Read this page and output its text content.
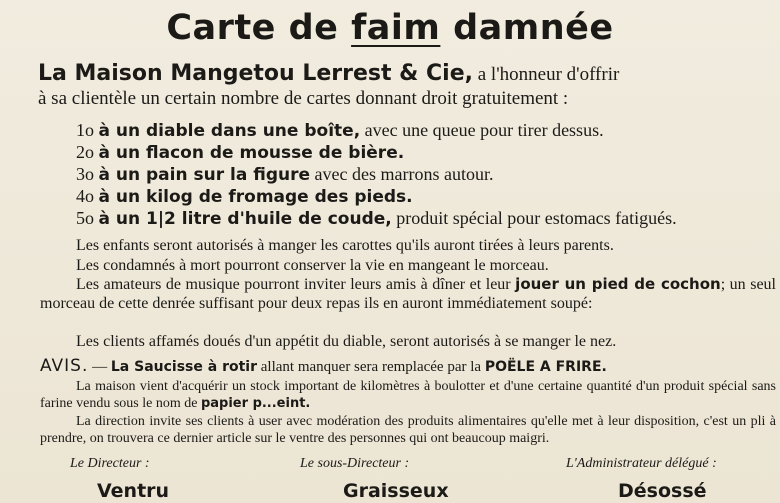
Carte de faim damnée
La Maison Mangetou Lerrest & Cie, a l'honneur d'offrir
à sa clientèle un certain nombre de cartes donnant droit gratuitement :
1o à un diable dans une boîte, avec une queue pour tirer dessus.
2o à un flacon de mousse de bière.
3o à un pain sur la figure avec des marrons autour.
4o à un kilog de fromage des pieds.
5o à un 1|2 litre d'huile de coude, produit spécial pour estomacs fatigués.
Les enfants seront autorisés à manger les carottes qu'ils auront tirées à leurs parents.
Les condamnés à mort pourront conserver la vie en mangeant le morceau.
Les amateurs de musique pourront inviter leurs amis à dîner et leur jouer un pied de cochon; un seul morceau de cette denrée suffisant pour deux repas ils en auront immédiatement soupé:
Les clients affamés doués d'un appétit du diable, seront autorisés à se manger le nez.
AVIS. — La Saucisse à rotir allant manquer sera remplacée par la POËLE A FRIRE.
La maison vient d'acquérir un stock important de kilomètres à boulotter et d'une certaine quantité d'un produit spécial sans farine vendu sous le nom de papier p...eint.
La direction invite ses clients à user avec modération des produits alimentaires qu'elle met à leur disposition, c'est un pli à prendre, on trouvera ce dernier article sur le ventre des personnes qui ont beaucoup maigri.
Le Directeur :	Le sous-Directeur :	L'Administrateur délégué :
Ventru	Graisseux	Désossé
